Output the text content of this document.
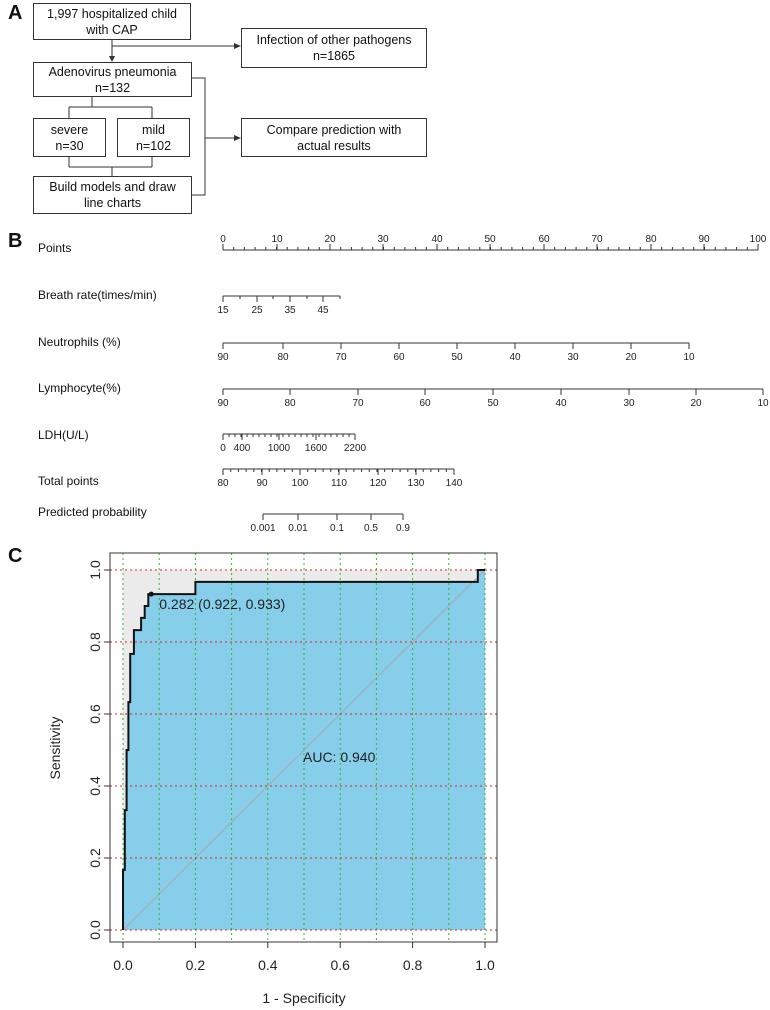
A
B
C
1,997 hospitalized child
with CAP
Infection of other pathogens
n=1865
Adenovirus pneumonia
n=132
severe
n=30
mild
n=102
Compare prediction with
actual results
Build models and draw
line charts
Points
Breath rate(times/min)
Neutrophils (%)
Lymphocyte(%)
LDH(U/L)
Total points
Predicted probability
0	10	20	30	40	50	60	70	80	90	100
15 25 35 45
90	80	70	60	50	40	30	20	10
90	80	70	60	50	40	30	20	10
0 400 1000 1600 2200
80	90 100 110 120 130 140
0.001 0.01 0.1 0.5 0.9
0.0	0.2	0.4	0.6	0.8	1.0
0.0
0.2
0.4
0.6
0.8
1.0
0.282 (0.922, 0.933)
AUC: 0.940
1 - Specificity
Sensitivity
